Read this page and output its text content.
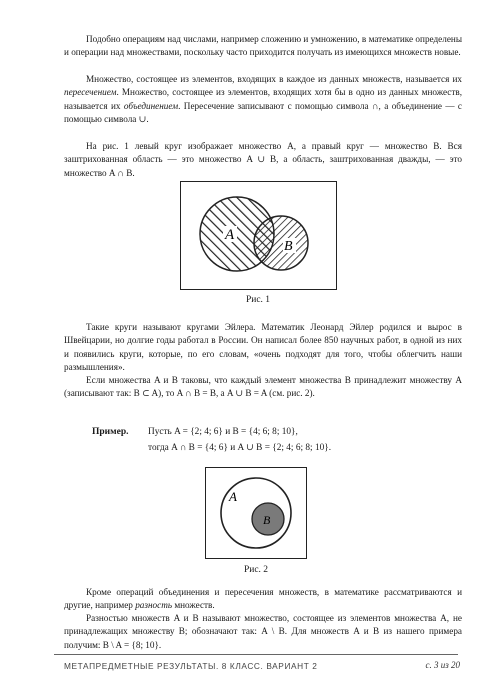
Подобно операциям над числами, например сложению и умножению, в математике определены и операции над множествами, поскольку часто приходится получать из имеющихся множеств новые.

Множество, состоящее из элементов, входящих в каждое из данных множеств, называется их пересечением. Множество, состоящее из элементов, входящих хотя бы в одно из данных множеств, называется их объединением. Пересечение записывают с помощью символа ∩, а объединение — с помощью символа ∪.

На рис. 1 левый круг изображает множество A, а правый круг — множество B. Вся заштрихованная область — это множество A ∪ B, а область, заштрихованная дважды, — это множество A ∩ B.

A
B
Рис. 1

Такие круги называют кругами Эйлера. Математик Леонард Эйлер родился и вырос в Швейцарии, но долгие годы работал в России. Он написал более 850 научных работ, в одной из них и появились круги, которые, по его словам, «очень подходят для того, чтобы облегчить наши размышления».

Если множества A и B таковы, что каждый элемент множества B принадлежит множеству A (записывают так: B ⊂ A), то A ∩ B = B, а A ∪ B = A (см. рис. 2).

Пример. Пусть A = {2; 4; 6} и B = {4; 6; 8; 10},
тогда A ∩ B = {4; 6} и A ∪ B = {2; 4; 6; 8; 10}.
A
B
Рис. 2

Кроме операций объединения и пересечения множеств, в математике рассматриваются и другие, например разность множеств.

Разностью множеств A и B называют множество, состоящее из элементов множества A, не принадлежащих множеству B; обозначают так: A \ B. Для множеств A и B из нашего примера получим: B \ A = {8; 10}.

МЕТАПРЕДМЕТНЫЕ РЕЗУЛЬТАТЫ. 8 КЛАСС. ВАРИАНТ 2	с. 3 из 20
